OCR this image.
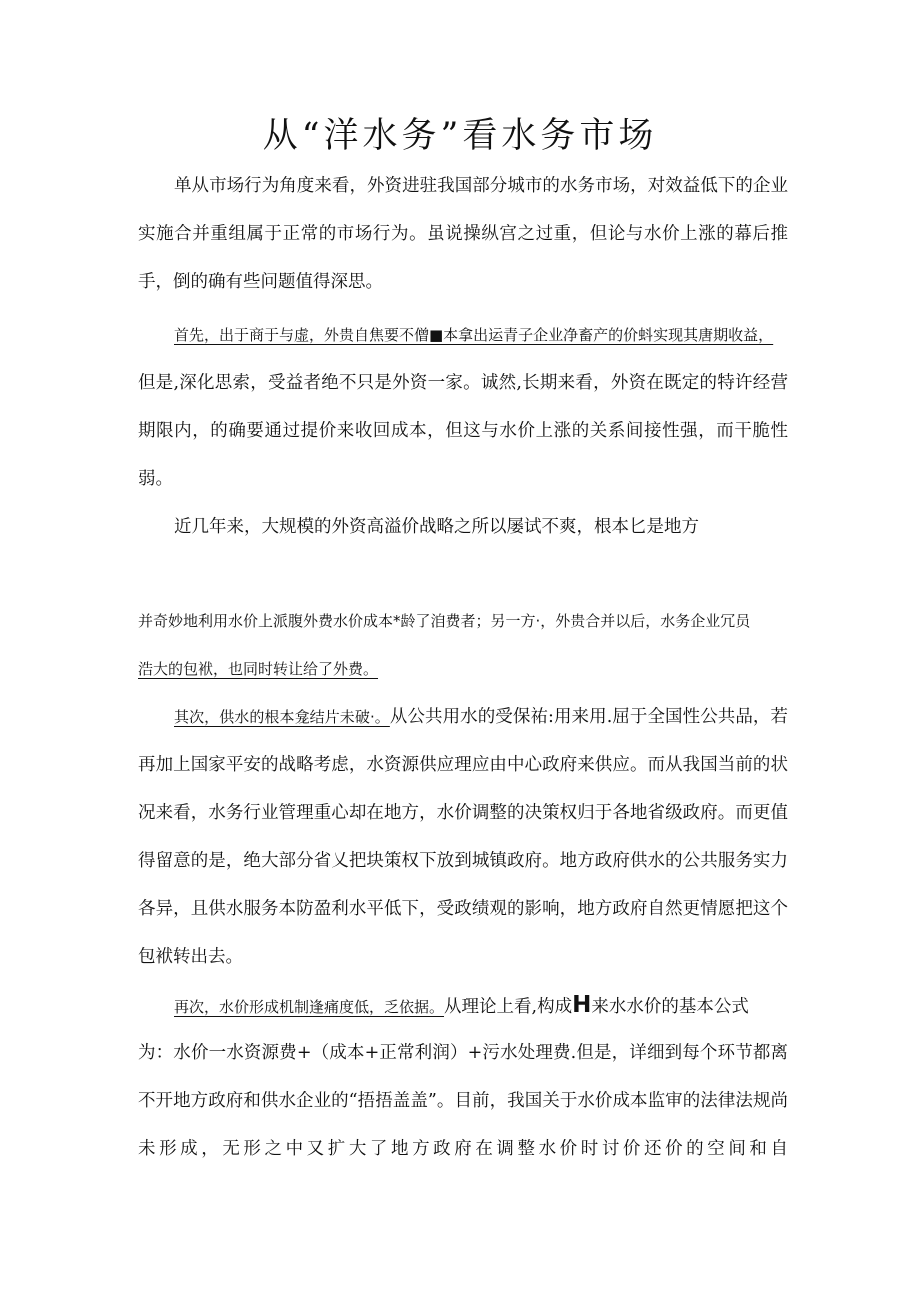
从“洋水务”看水务市场

单从市场行为角度来看，外资进驻我国部分城市的水务市场，对效益低下的企业实施合并重组属于正常的市场行为。虽说操纵宫之过重，但论与水价上涨的幕后推手，倒的确有些问题值得深思。

首先，出于商于与虚，外贵自焦要不僧■本拿出运青子企业净畜产的价蚪实现其唐期收益，

但是,深化思索，受益者绝不只是外资一家。诚然,长期来看，外资在既定的特许经营期限内，的确要通过提价来收回成本，但这与水价上涨的关系间接性强，而干脆性弱。

近几年来，大规模的外资高溢价战略之所以屡试不爽，根本匕是地方

并奇妙地利用水价上派腹外费水价成本*龄了洎费者；另一方·，外贵合并以后，水务企业冗员

浩大的包袱，也同时转让给了外费。

其次，供水的根本龛结片未破·。从公共用水的受保祐:用来用.屈于全国性公共品，若再加上国家平安的战略考虑，水资源供应理应由中心政府来供应。而从我国当前的状况来看，水务行业管理重心却在地方，水价调整的决策权归于各地省级政府。而更值得留意的是，绝大部分省乂把块策权下放到城镇政府。地方政府供水的公共服务实力各异，且供水服务本防盈利水平低下，受政绩观的影响，地方政府自然更情愿把这个包袱转出去。

再次，水价形成机制逢痛度低，乏依据。从理论上看,构成H来水水价的基本公式

为：水价一水资源费+（成本+正常利润）+污水处理费.但是，详细到每个环节都离不开地方政府和供水企业的“捂捂盖盖”。目前，我国关于水价成本监审的法律法规尚未形成，无形之中又扩大了地方政府在调整水价时讨价还价的空间和自
